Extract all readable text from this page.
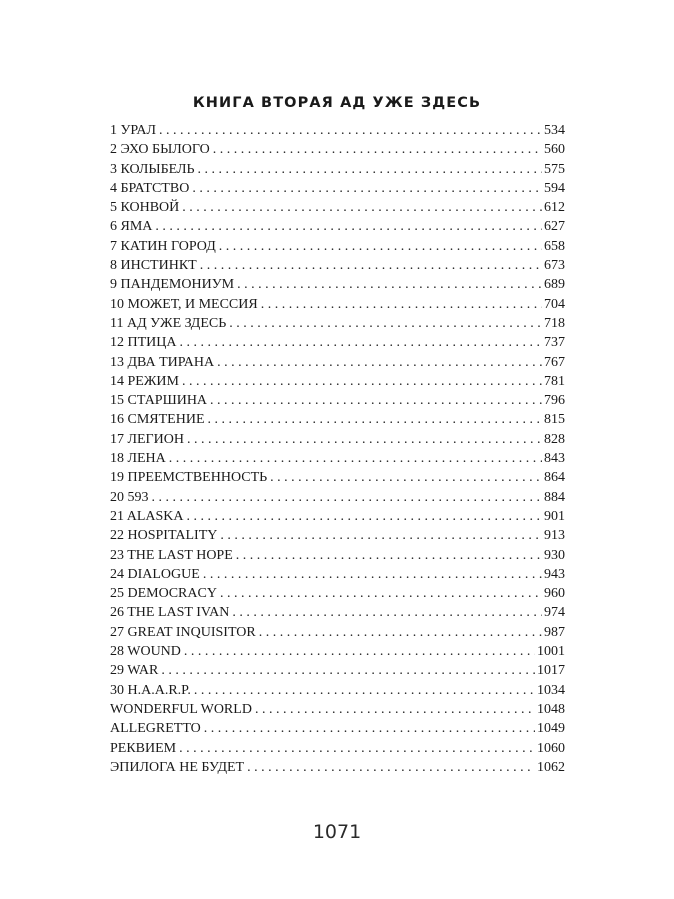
КНИГА ВТОРАЯ АД УЖЕ ЗДЕСЬ
1 УРАЛ . . .	534
2 ЭХО БЫЛОГО . . .	560
3 КОЛЫБЕЛЬ . . .	575
4 БРАТСТВО . . .	594
5 КОНВОЙ . . .	612
6 ЯМА . . .	627
7 КАТИН ГОРОД . . .	658
8 ИНСТИНКТ . . .	673
9 ПАНДЕМОНИУМ . . .	689
10 МОЖЕТ, И МЕССИЯ . . .	704
11 АД УЖЕ ЗДЕСЬ . . .	718
12 ПТИЦА . . .	737
13 ДВА ТИРАНА . . .	767
14 РЕЖИМ . . .	781
15 СТАРШИНА . . .	796
16 СМЯТЕНИЕ . . .	815
17 ЛЕГИОН . . .	828
18 ЛЕНА . . .	843
19 ПРЕЕМСТВЕННОСТЬ . . .	864
20 593 . . .	884
21 ALASKA . . .	901
22 HOSPITALITY . . .	913
23 THE LAST HOPE . . .	930
24 DIALOGUE . . .	943
25 DEMOCRACY . . .	960
26 THE LAST IVAN . . .	974
27 GREAT INQUISITOR . . .	987
28 WOUND . . .	1001
29 WAR . . .	1017
30 H.A.A.R.P. . . .	1034
WONDERFUL WORLD . . .	1048
ALLEGRETTO . . .	1049
РЕКВИЕМ . . .	1060
ЭПИЛОГА НЕ БУДЕТ . . .	1062
1071
